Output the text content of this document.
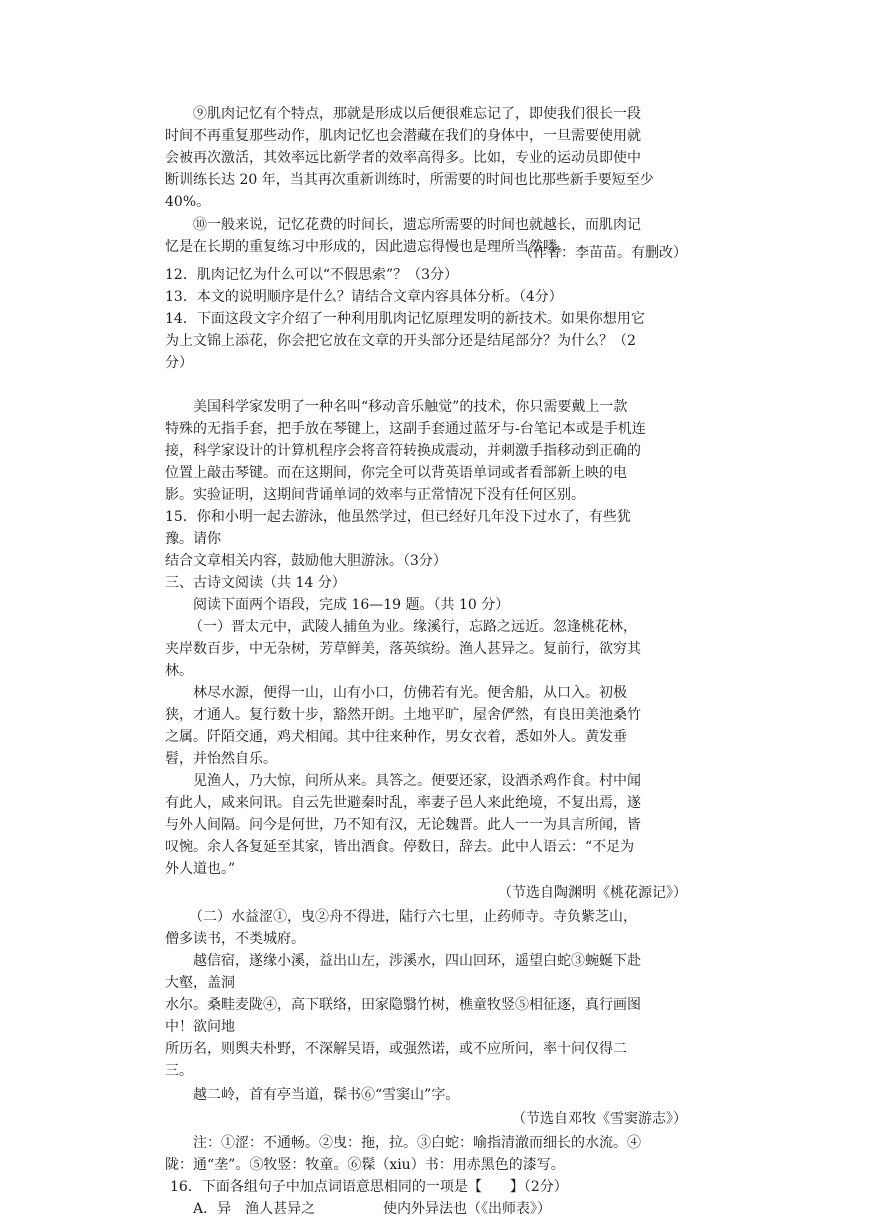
⑨肌肉记忆有个特点，那就是形成以后便很难忘记了，即使我们很长一段
时间不再重复那些动作，肌肉记忆也会潜藏在我们的身体中，一旦需要使用就
会被再次激活，其效率远比新学者的效率高得多。比如，专业的运动员即使中
断训练长达 20 年，当其再次重新训练时，所需要的时间也比那些新手要短至少
40%。
⑩一般来说，记忆花费的时间长，遗忘所需要的时间也就越长，而肌肉记
忆是在长期的重复练习中形成的，因此遗忘得慢也是理所当然喽。
（作者：李苗苗。有删改）
12．肌肉记忆为什么可以“不假思索”？（3分）
13．本文的说明顺序是什么？请结合文章内容具体分析。（4分）
14．下面这段文字介绍了一种利用肌肉记忆原理发明的新技术。如果你想用它
为上文锦上添花，你会把它放在文章的开头部分还是结尾部分？为什么？（2
分）
美国科学家发明了一种名叫“移动音乐触觉”的技术，你只需要戴上一款
特殊的无指手套，把手放在琴键上，这副手套通过蓝牙与-台笔记本或是手机连
接，科学家设计的计算机程序会将音符转换成震动，并刺激手指移动到正确的
位置上敲击琴键。而在这期间，你完全可以背英语单词或者看部新上映的电
影。实验证明，这期间背诵单词的效率与正常情况下没有任何区别。
15．你和小明一起去游泳，他虽然学过，但已经好几年没下过水了，有些犹
豫。请你
结合文章相关内容，鼓励他大胆游泳。（3分）
三、古诗文阅读（共 14 分）
阅读下面两个语段，完成 16—19 题。（共 10 分）
（一）晋太元中，武陵人捕鱼为业。缘溪行，忘路之远近。忽逢桃花林，
夹岸数百步，中无杂树，芳草鲜美，落英缤纷。渔人甚异之。复前行，欲穷其
林。
林尽水源，便得一山，山有小口，仿佛若有光。便舍船，从口入。初极
狭，才通人。复行数十步，豁然开朗。土地平旷，屋舍俨然，有良田美池桑竹
之属。阡陌交通，鸡犬相闻。其中往来种作，男女衣着，悉如外人。黄发垂
髫，并怡然自乐。
见渔人，乃大惊，问所从来。具答之。便要还家，设酒杀鸡作食。村中闻
有此人，咸来问讯。自云先世避秦时乱，率妻子邑人来此绝境，不复出焉，遂
与外人间隔。问今是何世，乃不知有汉，无论魏晋。此人一一为具言所闻，皆
叹惋。余人各复延至其家，皆出酒食。停数日，辞去。此中人语云：“不足为
外人道也。”
（节选自陶渊明《桃花源记》）
（二）水益涩①，曳②舟不得进，陆行六七里，止药师寺。寺负紫芝山，
僧多读书，不类城府。
越信宿，遂缘小溪，益出山左，涉溪水，四山回环，遥望白蛇③蜿蜒下赴
大壑，盖洞
水尔。桑畦麦陇④，高下联络，田家隐翳竹树，樵童牧竖⑤相征逐，真行画图
中！欲问地
所历名，则舆夫朴野，不深解吴语，或强然诺，或不应所问，率十问仅得二
三。
越二岭，首有亭当道，髹书⑥“雪窦山”字。
（节选自邓牧《雪窦游志》）
注：①涩：不通畅。②曳：拖，拉。③白蛇：喻指清澈而细长的水流。④
陇：通“垄”。⑤牧竖：牧童。⑥髹（xiu）书：用赤黑色的漆写。
16．下面各组句子中加点词语意思相同的一项是【　　】（2分）
A．异　渔人甚异之	使内外异法也（《出师表》）
